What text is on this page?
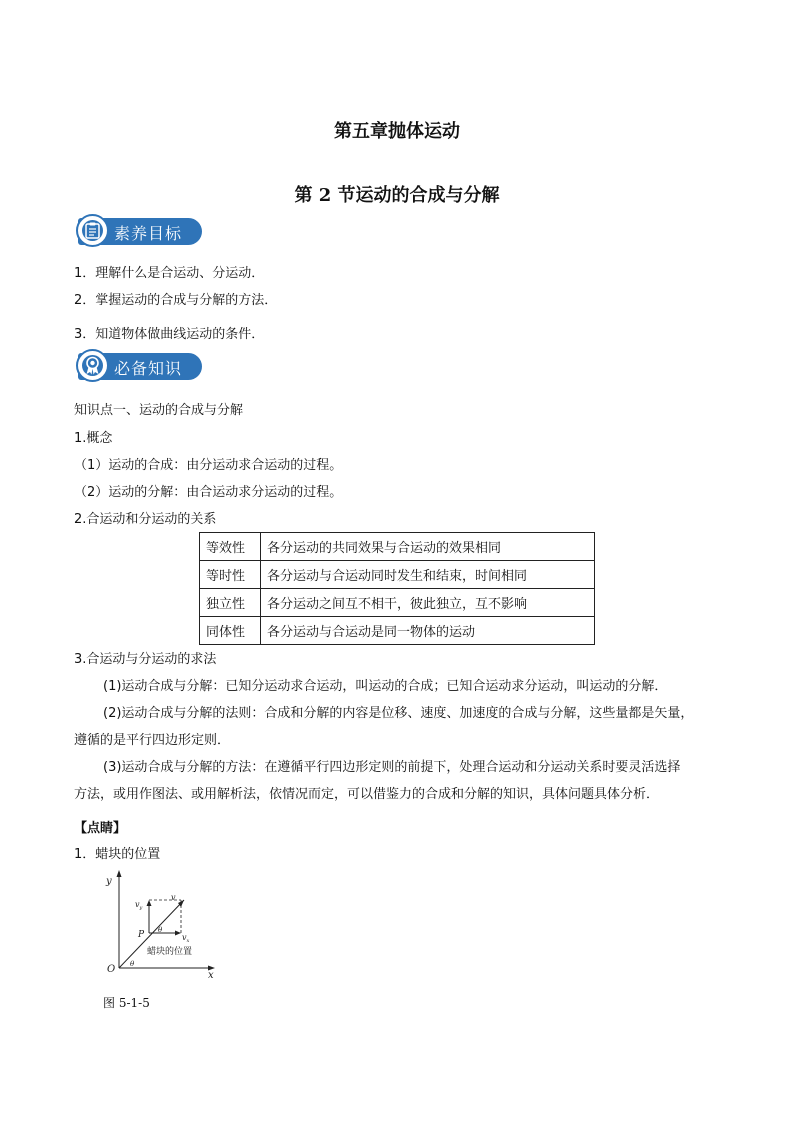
第五章抛体运动
第 2 节运动的合成与分解
素养目标
1．理解什么是合运动、分运动．
2．掌握运动的合成与分解的方法．
3．知道物体做曲线运动的条件．
必备知识
知识点一、运动的合成与分解
1.概念
（1）运动的合成：由分运动求合运动的过程。
（2）运动的分解：由合运动求分运动的过程。
2.合运动和分运动的关系
等效性	各分运动的共同效果与合运动的效果相同
等时性	各分运动与合运动同时发生和结束，时间相同
独立性	各分运动之间互不相干，彼此独立，互不影响
同体性	各分运动与合运动是同一物体的运动
3.合运动与分运动的求法
(1)运动合成与分解：已知分运动求合运动，叫运动的合成；已知合运动求分运动，叫运动的分解．
(2)运动合成与分解的法则：合成和分解的内容是位移、速度、加速度的合成与分解，这些量都是矢量，
遵循的是平行四边形定则．
(3)运动合成与分解的方法：在遵循平行四边形定则的前提下，处理合运动和分运动关系时要灵活选择
方法，或用作图法、或用解析法，依情况而定，可以借鉴力的合成和分解的知识，具体问题具体分析．
【点睛】
1．蜡块的位置
y
x
O
P
v
$v_y$
$v_x$
θ
θ
蜡块的位置
图 5-1-5
